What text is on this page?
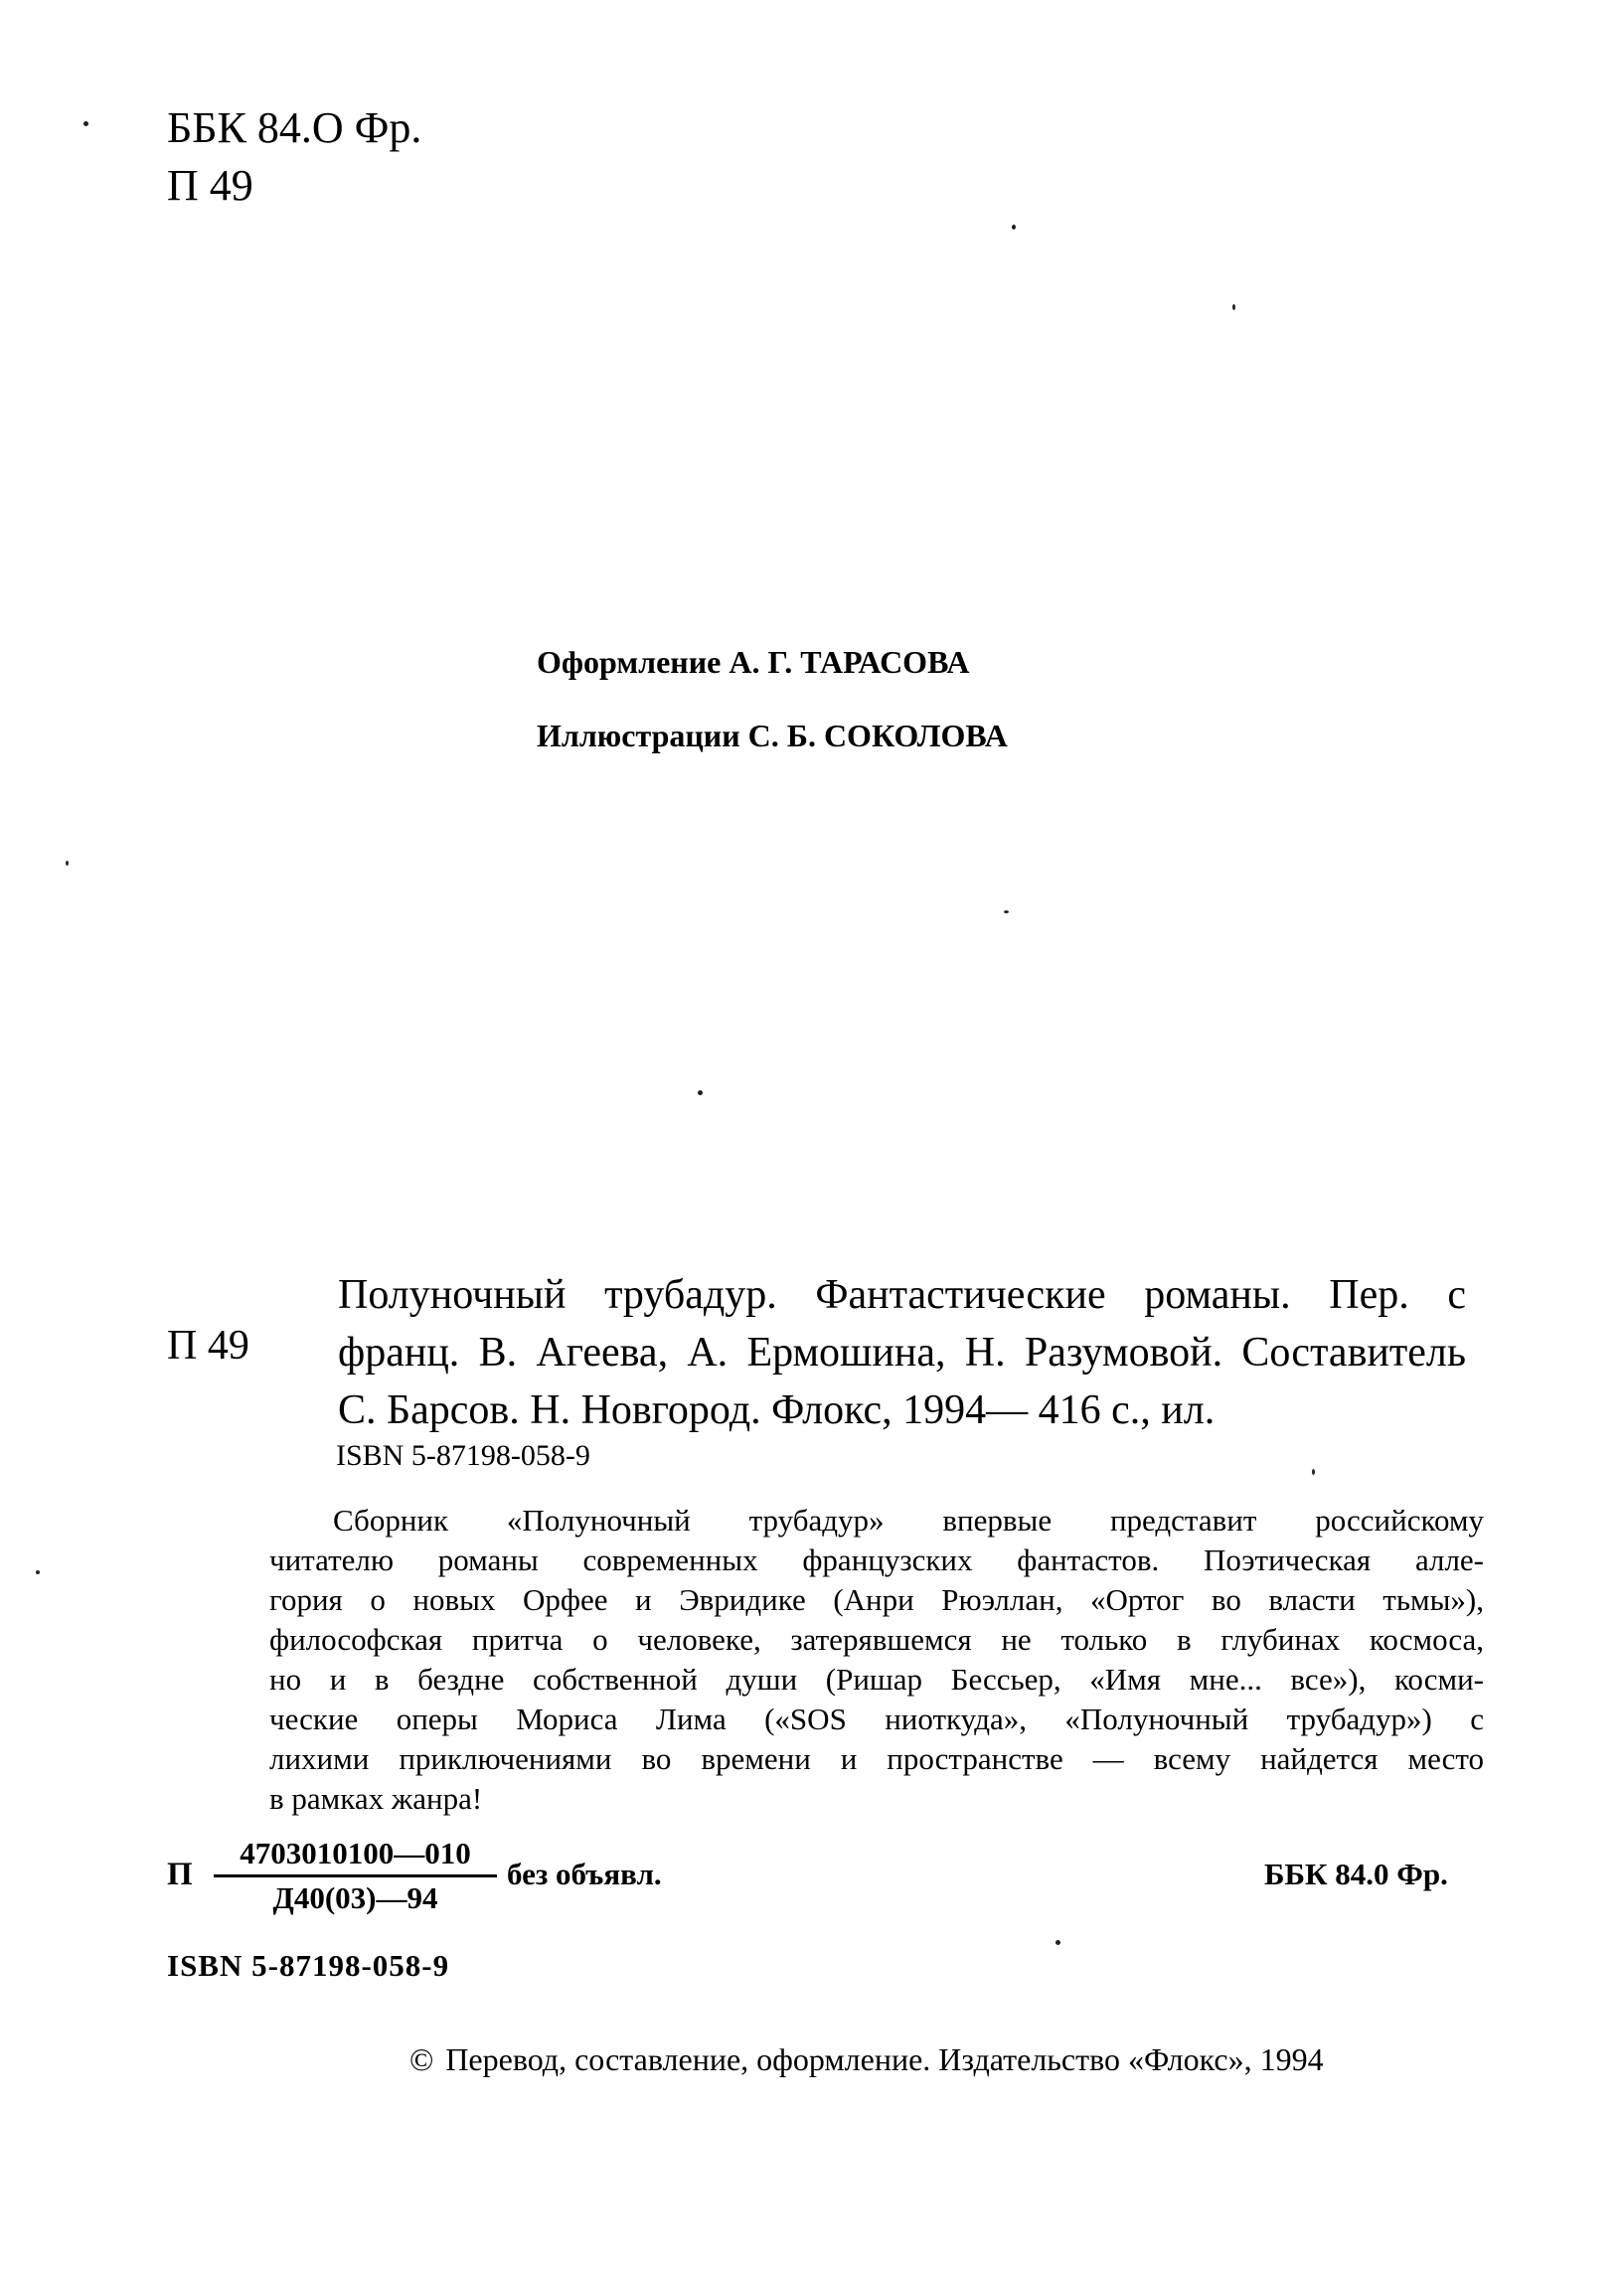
ББК 84.О Фр.
П 49
Оформление А. Г. ТАРАСОВА
Иллюстрации С. Б. СОКОЛОВА
П 49
Полуночный трубадур. Фантастические романы. Пер. с
франц. В. Агеева, А. Ермошина, Н. Разумовой. Составитель
С. Барсов. Н. Новгород. Флокс, 1994— 416 с., ил.
ISBN 5-87198-058-9
Сборник «Полуночный трубадур» впервые представит российскому
читателю романы современных французских фантастов. Поэтическая алле-
гория о новых Орфее и Эвридике (Анри Рюэллан, «Ортог во власти тьмы»),
философская притча о человеке, затерявшемся не только в глубинах космоса,
но и в бездне собственной души (Ришар Бессьер, «Имя мне... все»), косми-
ческие оперы Мориса Лима («SOS ниоткуда», «Полуночный трубадур») с
лихими приключениями во времени и пространстве — всему найдется место
в рамках жанра!
П
4703010100—010
Д40(03)—94
без объявл.	ББК 84.0 Фр.
ISBN 5-87198-058-9
© Перевод, составление, оформление. Издательство «Флокс», 1994
